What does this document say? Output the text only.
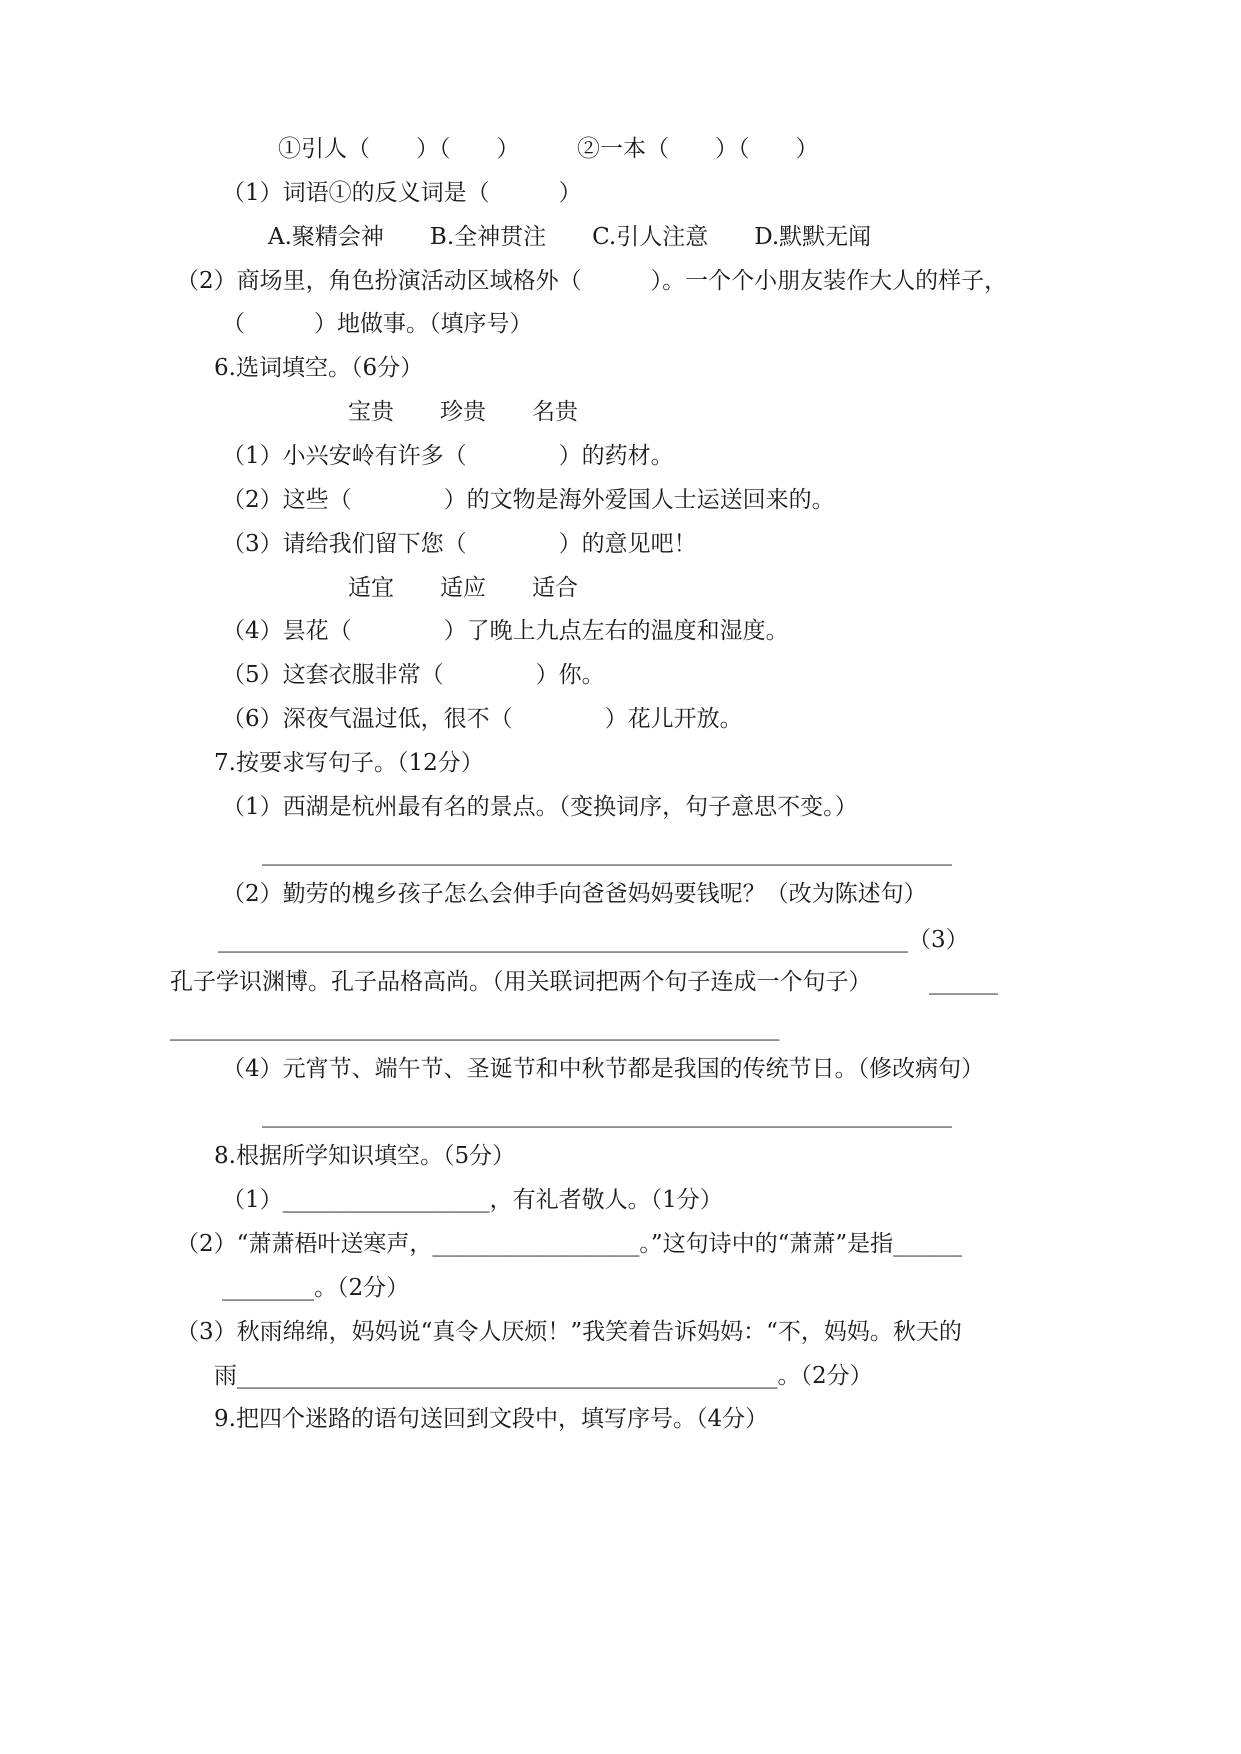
①引人（　　）（　　）　　　②一本（　　）（　　）
（1）词语①的反义词是（　　　）
A.聚精会神　　B.全神贯注　　C.引人注意　　D.默默无闻
（2）商场里，角色扮演活动区域格外（　　　）。一个个小朋友装作大人的样子，
（　　　）地做事。（填序号）
6.选词填空。（6分）
宝贵　　珍贵　　名贵
（1）小兴安岭有许多（　　　　）的药材。
（2）这些（　　　　）的文物是海外爱国人士运送回来的。
（3）请给我们留下您（　　　　）的意见吧！
适宜　　适应　　适合
（4）昙花（　　　　）了晚上九点左右的温度和湿度。
（5）这套衣服非常（　　　　）你。
（6）深夜气温过低，很不（　　　　）花儿开放。
7.按要求写句子。（12分）
（1）西湖是杭州最有名的景点。（变换词序，句子意思不变。）
____________________________________________________________
（2）勤劳的槐乡孩子怎么会伸手向爸爸妈妈要钱呢？（改为陈述句）
____________________________________________________________（3）
孔子学识渊博。孔子品格高尚。（用关联词把两个句子连成一个句子）　　　______
_____________________________________________________
（4）元宵节、端午节、圣诞节和中秋节都是我国的传统节日。（修改病句）
____________________________________________________________
8.根据所学知识填空。（5分）
（1）__________________，有礼者敬人。（1分）
（2）“萧萧梧叶送寒声，__________________。”这句诗中的“萧萧”是指______
________。（2分）
（3）秋雨绵绵，妈妈说“真令人厌烦！”我笑着告诉妈妈：“不，妈妈。秋天的
雨_______________________________________________。（2分）
9.把四个迷路的语句送回到文段中，填写序号。（4分）
